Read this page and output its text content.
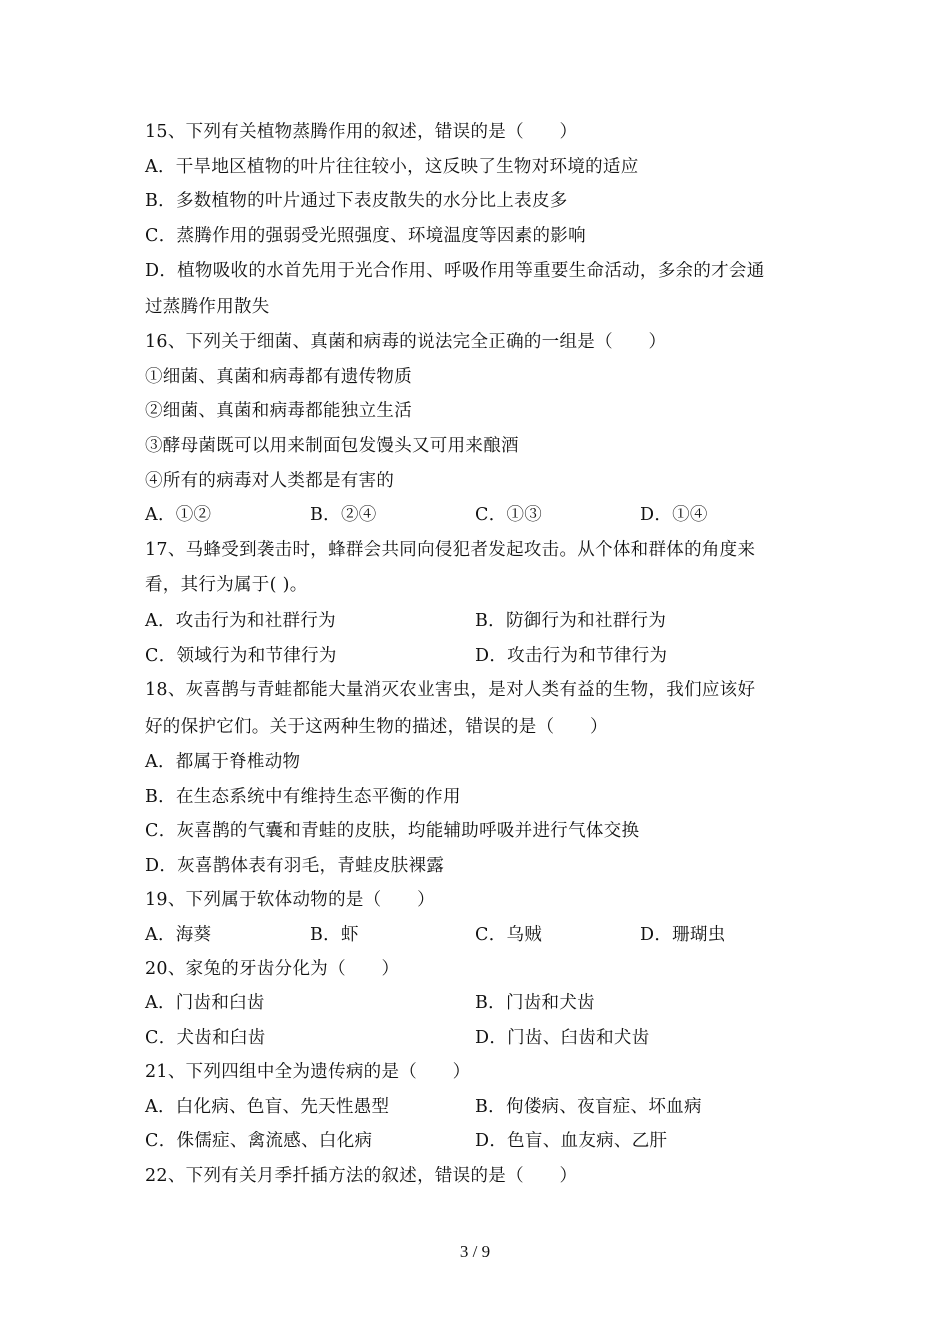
15、下列有关植物蒸腾作用的叙述，错误的是（　　）
A．干旱地区植物的叶片往往较小，这反映了生物对环境的适应
B．多数植物的叶片通过下表皮散失的水分比上表皮多
C．蒸腾作用的强弱受光照强度、环境温度等因素的影响
D．植物吸收的水首先用于光合作用、呼吸作用等重要生命活动，多余的才会通
过蒸腾作用散失
16、下列关于细菌、真菌和病毒的说法完全正确的一组是（　　）
①细菌、真菌和病毒都有遗传物质
②细菌、真菌和病毒都能独立生活
③酵母菌既可以用来制面包发馒头又可用来酿酒
④所有的病毒对人类都是有害的
A．①②	B．②④	C．①③	D．①④
17、马蜂受到袭击时，蜂群会共同向侵犯者发起攻击。从个体和群体的角度来
看，其行为属于( )。
A．攻击行为和社群行为	B．防御行为和社群行为
C．领域行为和节律行为	D．攻击行为和节律行为
18、灰喜鹊与青蛙都能大量消灭农业害虫，是对人类有益的生物，我们应该好
好的保护它们。关于这两种生物的描述，错误的是（　　）
A．都属于脊椎动物
B．在生态系统中有维持生态平衡的作用
C．灰喜鹊的气囊和青蛙的皮肤，均能辅助呼吸并进行气体交换
D．灰喜鹊体表有羽毛，青蛙皮肤裸露
19、下列属于软体动物的是（　　）
A．海葵	B．虾	C．乌贼	D．珊瑚虫
20、家兔的牙齿分化为（　　）
A．门齿和臼齿	B．门齿和犬齿
C．犬齿和臼齿	D．门齿、臼齿和犬齿
21、下列四组中全为遗传病的是（　　）
A．白化病、色盲、先天性愚型	B．佝偻病、夜盲症、坏血病
C．侏儒症、禽流感、白化病	D．色盲、血友病、乙肝
22、下列有关月季扦插方法的叙述，错误的是（　　）
3 / 9
